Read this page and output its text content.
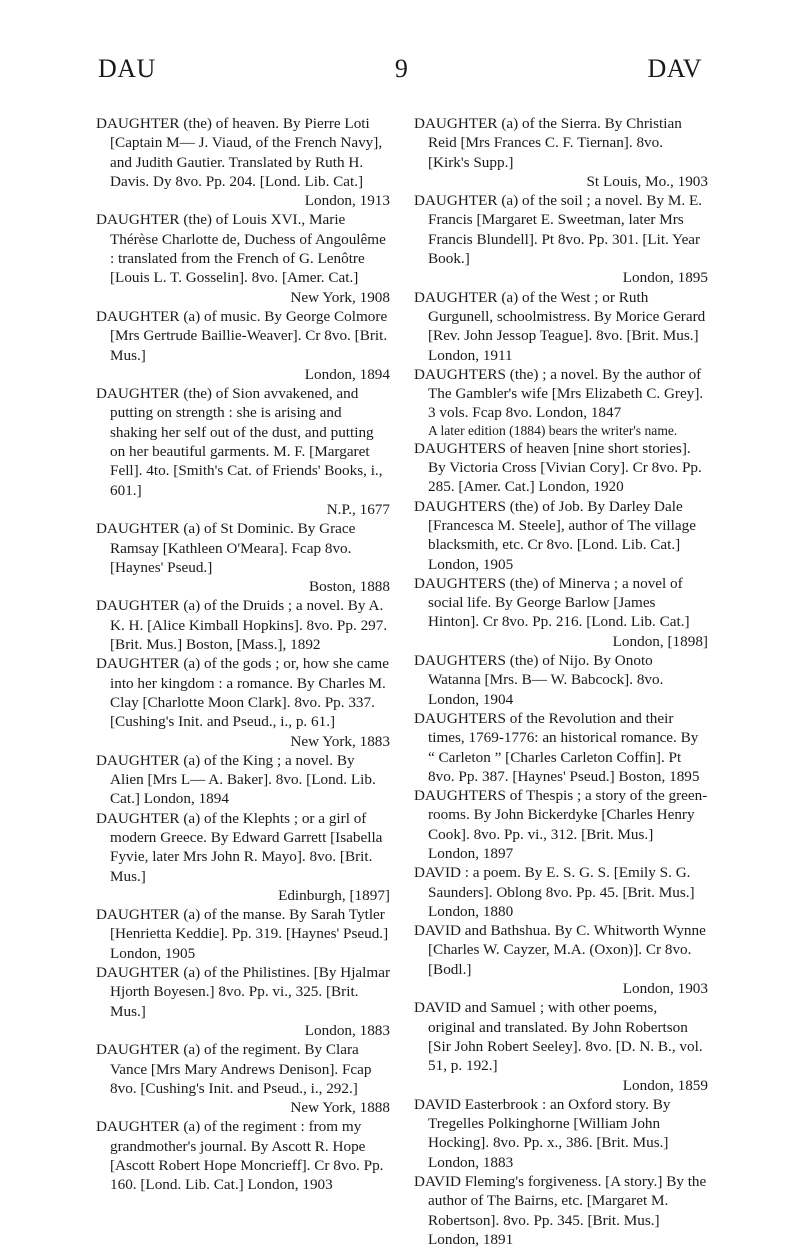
DAU	9	DAV
DAUGHTER (the) of heaven. By Pierre Loti [Captain M— J. Viaud, of the French Navy], and Judith Gautier. Translated by Ruth H. Davis. Dy 8vo. Pp. 204. [Lond. Lib. Cat.]
London, 1913
DAUGHTER (the) of Louis XVI., Marie Thérèse Charlotte de, Duchess of Angoulême : translated from the French of G. Lenôtre [Louis L. T. Gosselin]. 8vo. [Amer. Cat.]
New York, 1908
DAUGHTER (a) of music. By George Colmore [Mrs Gertrude Baillie-Weaver]. Cr 8vo. [Brit. Mus.]
London, 1894
DAUGHTER (the) of Sion avvakened, and putting on strength : she is arising and shaking her self out of the dust, and putting on her beautiful garments. M. F. [Margaret Fell]. 4to. [Smith's Cat. of Friends' Books, i., 601.]
N.P., 1677
DAUGHTER (a) of St Dominic. By Grace Ramsay [Kathleen O'Meara]. Fcap 8vo. [Haynes' Pseud.]
Boston, 1888
DAUGHTER (a) of the Druids ; a novel. By A. K. H. [Alice Kimball Hopkins]. 8vo. Pp. 297. [Brit. Mus.] Boston, [Mass.], 1892
DAUGHTER (a) of the gods ; or, how she came into her kingdom : a romance. By Charles M. Clay [Charlotte Moon Clark]. 8vo. Pp. 337. [Cushing's Init. and Pseud., i., p. 61.]
New York, 1883
DAUGHTER (a) of the King ; a novel. By Alien [Mrs L— A. Baker]. 8vo. [Lond. Lib. Cat.] London, 1894
DAUGHTER (a) of the Klephts ; or a girl of modern Greece. By Edward Garrett [Isabella Fyvie, later Mrs John R. Mayo]. 8vo. [Brit. Mus.]
Edinburgh, [1897]
DAUGHTER (a) of the manse. By Sarah Tytler [Henrietta Keddie]. Pp. 319. [Haynes' Pseud.] London, 1905
DAUGHTER (a) of the Philistines. [By Hjalmar Hjorth Boyesen.] 8vo. Pp. vi., 325. [Brit. Mus.]
London, 1883
DAUGHTER (a) of the regiment. By Clara Vance [Mrs Mary Andrews Denison]. Fcap 8vo. [Cushing's Init. and Pseud., i., 292.]
New York, 1888
DAUGHTER (a) of the regiment : from my grandmother's journal. By Ascott R. Hope [Ascott Robert Hope Moncrieff]. Cr 8vo. Pp. 160. [Lond. Lib. Cat.] London, 1903
DAUGHTER (a) of the Sierra. By Christian Reid [Mrs Frances C. F. Tiernan]. 8vo. [Kirk's Supp.]
St Louis, Mo., 1903
DAUGHTER (a) of the soil ; a novel. By M. E. Francis [Margaret E. Sweetman, later Mrs Francis Blundell]. Pt 8vo. Pp. 301. [Lit. Year Book.]
London, 1895
DAUGHTER (a) of the West ; or Ruth Gurgunell, schoolmistress. By Morice Gerard [Rev. John Jessop Teague]. 8vo. [Brit. Mus.] London, 1911
DAUGHTERS (the) ; a novel. By the author of The Gambler's wife [Mrs Elizabeth C. Grey]. 3 vols. Fcap 8vo. London, 1847
A later edition (1884) bears the writer's name.
DAUGHTERS of heaven [nine short stories]. By Victoria Cross [Vivian Cory]. Cr 8vo. Pp. 285. [Amer. Cat.] London, 1920
DAUGHTERS (the) of Job. By Darley Dale [Francesca M. Steele], author of The village blacksmith, etc. Cr 8vo. [Lond. Lib. Cat.] London, 1905
DAUGHTERS (the) of Minerva ; a novel of social life. By George Barlow [James Hinton]. Cr 8vo. Pp. 216. [Lond. Lib. Cat.]
London, [1898]
DAUGHTERS (the) of Nijo. By Onoto Watanna [Mrs. B— W. Babcock]. 8vo. London, 1904
DAUGHTERS of the Revolution and their times, 1769-1776: an historical romance. By “ Carleton ” [Charles Carleton Coffin]. Pt 8vo. Pp. 387. [Haynes' Pseud.] Boston, 1895
DAUGHTERS of Thespis ; a story of the green-rooms. By John Bickerdyke [Charles Henry Cook]. 8vo. Pp. vi., 312. [Brit. Mus.] London, 1897
DAVID : a poem. By E. S. G. S. [Emily S. G. Saunders]. Oblong 8vo. Pp. 45. [Brit. Mus.] London, 1880
DAVID and Bathshua. By C. Whitworth Wynne [Charles W. Cayzer, M.A. (Oxon)]. Cr 8vo. [Bodl.]
London, 1903
DAVID and Samuel ; with other poems, original and translated. By John Robertson [Sir John Robert Seeley]. 8vo. [D. N. B., vol. 51, p. 192.]
London, 1859
DAVID Easterbrook : an Oxford story. By Tregelles Polkinghorne [William John Hocking]. 8vo. Pp. x., 386. [Brit. Mus.] London, 1883
DAVID Fleming's forgiveness. [A story.] By the author of The Bairns, etc. [Margaret M. Robertson]. 8vo. Pp. 345. [Brit. Mus.] London, 1891
